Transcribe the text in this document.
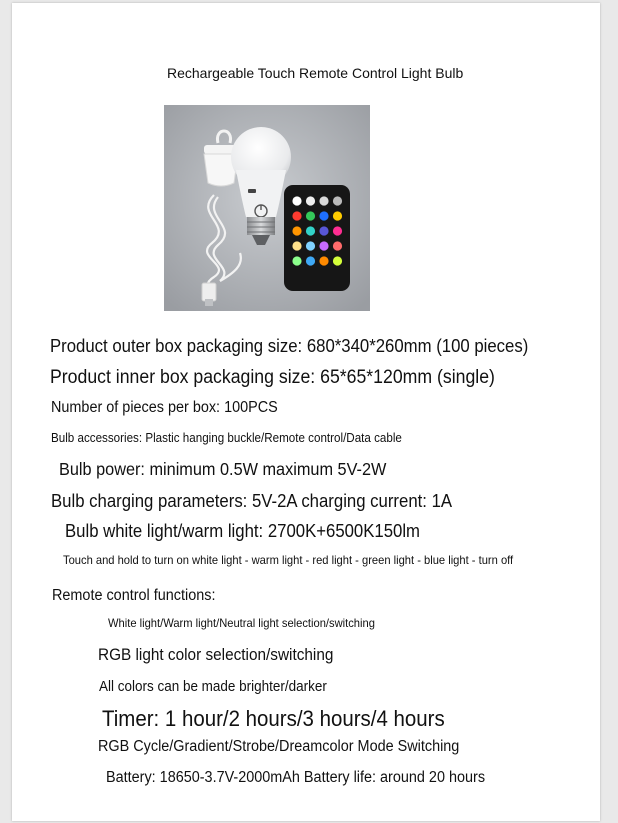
Rechargeable Touch Remote Control Light Bulb
Product outer box packaging size: 680*340*260mm (100 pieces)
Product inner box packaging size: 65*65*120mm (single)
Number of pieces per box: 100PCS
Bulb accessories: Plastic hanging buckle/Remote control/Data cable
Bulb power: minimum 0.5W maximum 5V-2W
Bulb charging parameters: 5V-2A charging current: 1A
Bulb white light/warm light: 2700K+6500K150lm
Touch and hold to turn on white light - warm light - red light - green light - blue light - turn off
Remote control functions:
White light/Warm light/Neutral light selection/switching
RGB light color selection/switching
All colors can be made brighter/darker
Timer: 1 hour/2 hours/3 hours/4 hours
RGB Cycle/Gradient/Strobe/Dreamcolor Mode Switching
Battery: 18650-3.7V-2000mAh Battery life: around 20 hours
